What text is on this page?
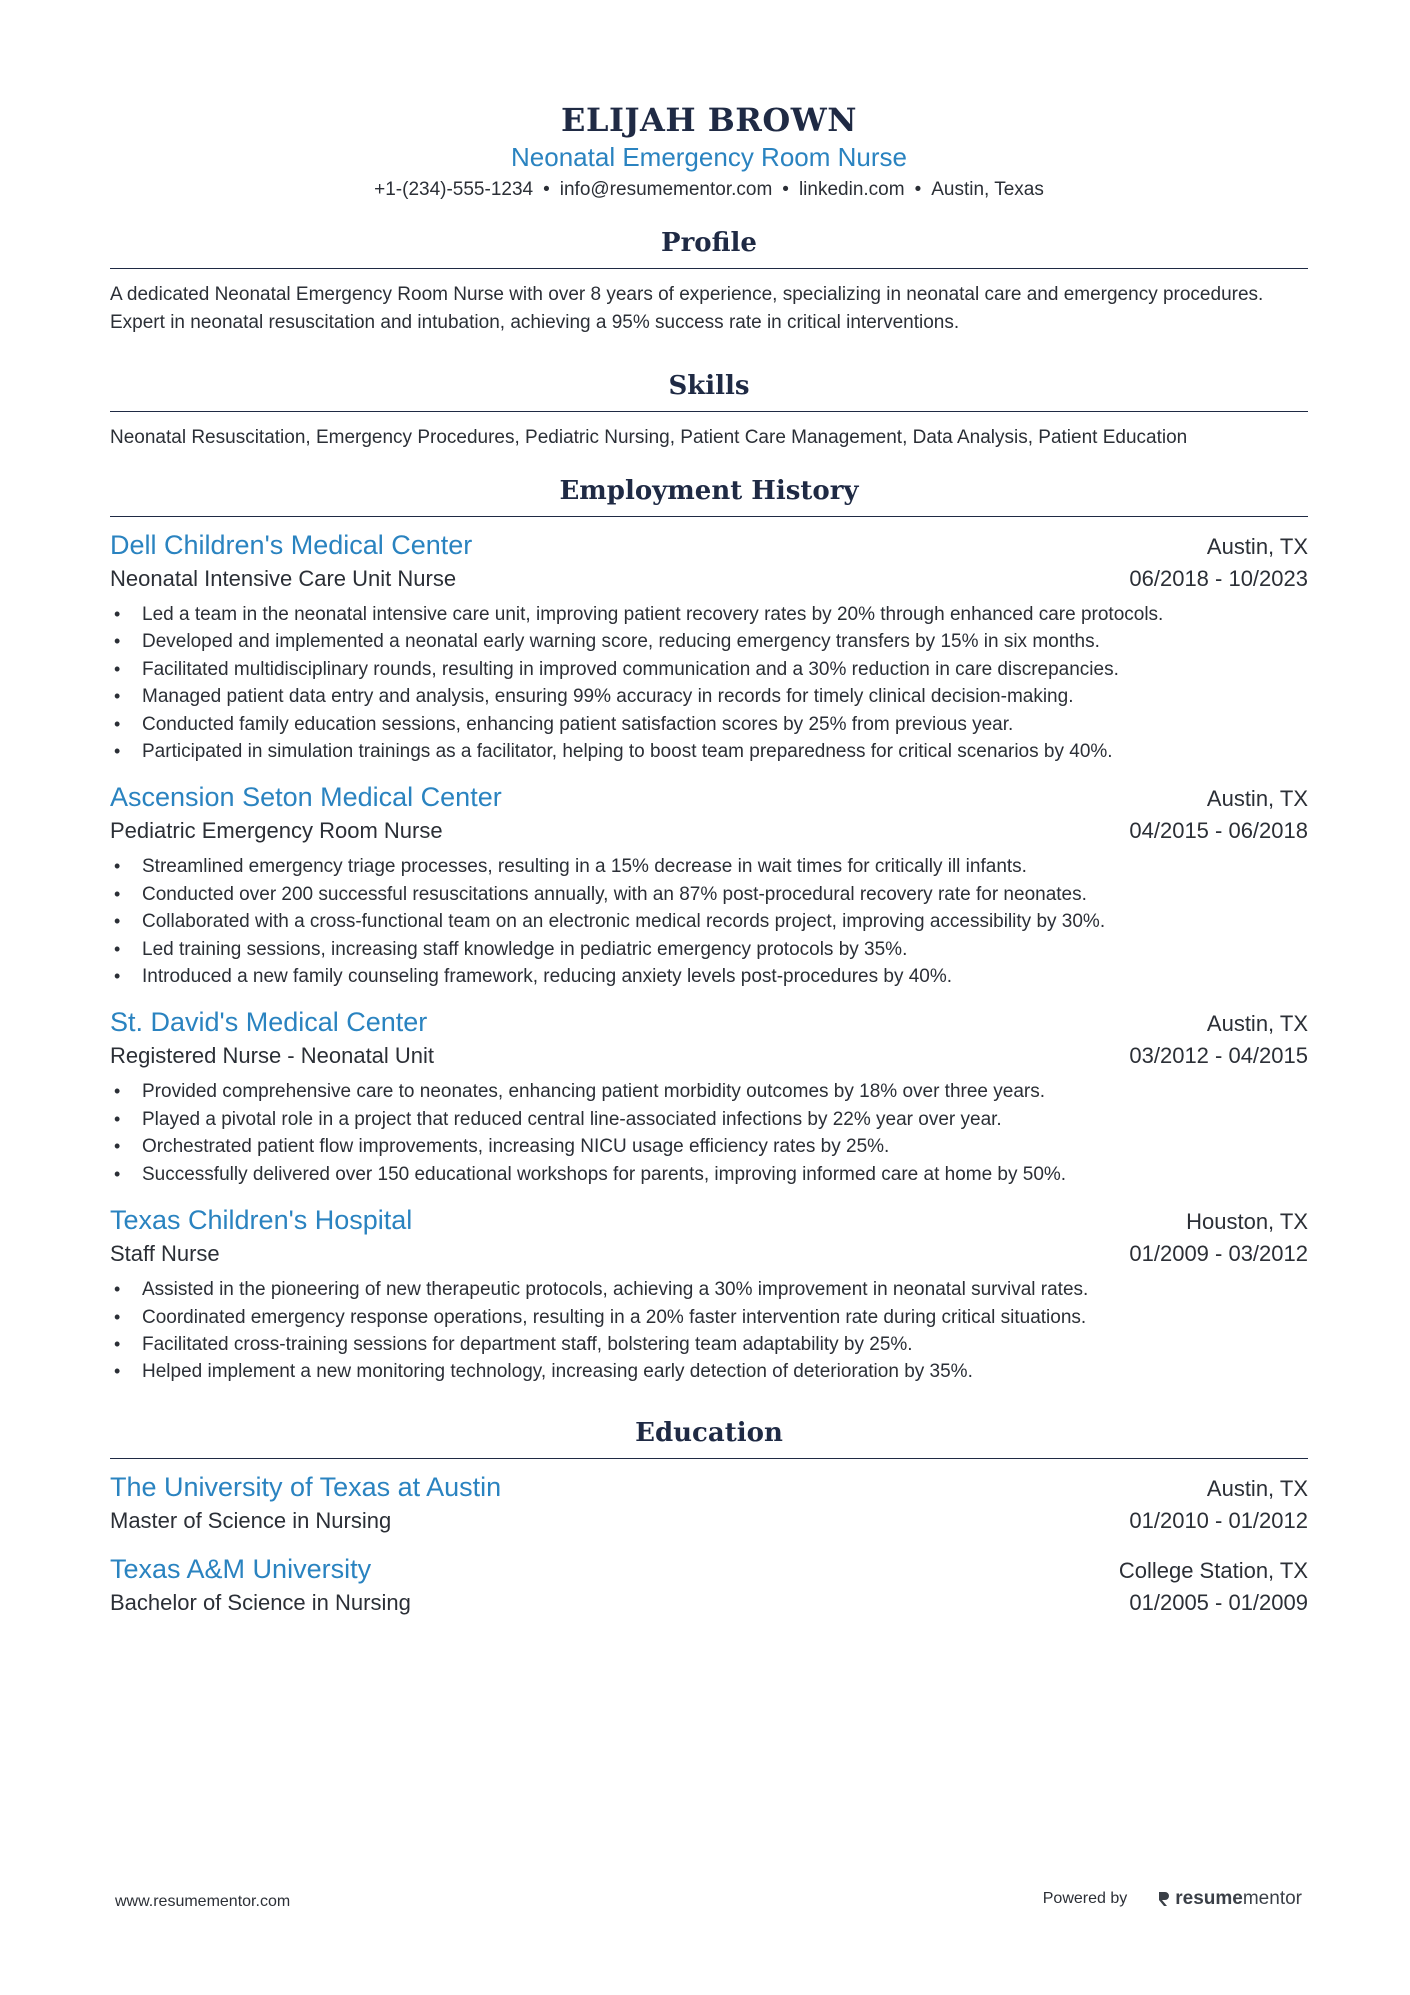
ELIJAH BROWN
Neonatal Emergency Room Nurse
+1-(234)-555-1234 • info@resumementor.com • linkedin.com • Austin, Texas
Profile

A dedicated Neonatal Emergency Room Nurse with over 8 years of experience, specializing in neonatal care and emergency procedures. Expert in neonatal resuscitation and intubation, achieving a 95% success rate in critical interventions.

Skills

Neonatal Resuscitation, Emergency Procedures, Pediatric Nursing, Patient Care Management, Data Analysis, Patient Education

Employment History
Dell Children's Medical Center	Austin, TX
Neonatal Intensive Care Unit Nurse	06/2018 - 10/2023
• Led a team in the neonatal intensive care unit, improving patient recovery rates by 20% through enhanced care protocols.
• Developed and implemented a neonatal early warning score, reducing emergency transfers by 15% in six months.
• Facilitated multidisciplinary rounds, resulting in improved communication and a 30% reduction in care discrepancies.
• Managed patient data entry and analysis, ensuring 99% accuracy in records for timely clinical decision-making.
• Conducted family education sessions, enhancing patient satisfaction scores by 25% from previous year.
• Participated in simulation trainings as a facilitator, helping to boost team preparedness for critical scenarios by 40%.
Ascension Seton Medical Center	Austin, TX
Pediatric Emergency Room Nurse	04/2015 - 06/2018
• Streamlined emergency triage processes, resulting in a 15% decrease in wait times for critically ill infants.
• Conducted over 200 successful resuscitations annually, with an 87% post-procedural recovery rate for neonates.
• Collaborated with a cross-functional team on an electronic medical records project, improving accessibility by 30%.
• Led training sessions, increasing staff knowledge in pediatric emergency protocols by 35%.
• Introduced a new family counseling framework, reducing anxiety levels post-procedures by 40%.
St. David's Medical Center	Austin, TX
Registered Nurse - Neonatal Unit	03/2012 - 04/2015
• Provided comprehensive care to neonates, enhancing patient morbidity outcomes by 18% over three years.
• Played a pivotal role in a project that reduced central line-associated infections by 22% year over year.
• Orchestrated patient flow improvements, increasing NICU usage efficiency rates by 25%.
• Successfully delivered over 150 educational workshops for parents, improving informed care at home by 50%.
Texas Children's Hospital	Houston, TX
Staff Nurse	01/2009 - 03/2012
• Assisted in the pioneering of new therapeutic protocols, achieving a 30% improvement in neonatal survival rates.
• Coordinated emergency response operations, resulting in a 20% faster intervention rate during critical situations.
• Facilitated cross-training sessions for department staff, bolstering team adaptability by 25%.
• Helped implement a new monitoring technology, increasing early detection of deterioration by 35%.
Education
The University of Texas at Austin	Austin, TX
Master of Science in Nursing	01/2010 - 01/2012
Texas A&M University	College Station, TX
Bachelor of Science in Nursing	01/2005 - 01/2009
www.resumementor.com	Powered by	resume mentor
